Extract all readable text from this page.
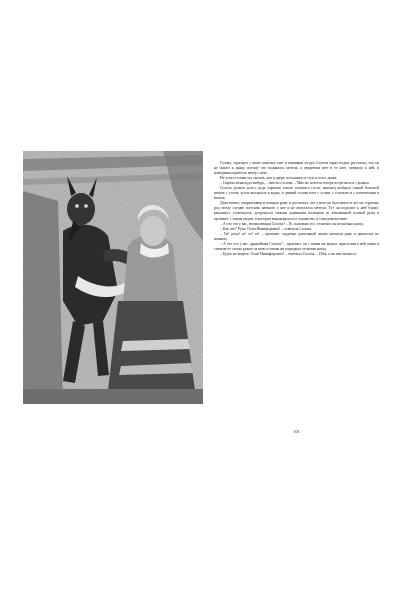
Голова, стряхнув с своих капелюх снег и выпивши из рук Солохи чарку водки, рассказал, что он не пошел к дьяку, потому что поднялась метель; а увидевши свет в ее хате, завернул к ней, в намерении провесть вечер с нею.

Не успел голова это сказать, как в дверь послышался стук и голос дьяка.

– Спрячь меня куда-нибудь, – шептал голова. – Мне не хочется теперь встретиться с дьяком.

Солоха думала долго, куда спрятать такого плотного гостя; наконец выбрала самый большой мешок с углем; уголь высыпала в кадку, и дюжий голова влез с усами, с головою и с капелюхами в мешок.

Дьяк вошел, покряхтывая и потирая руки, и рассказал, что у него не был никто и что он сердечно рад этому случаю погулять немного у нее и не испугался метели. Тут он подошел к ней ближе, кашлянул, усмехнулся, дотронулся своими длинными пальцами ее обнаженной полной руки и произнес с таким видом, в котором выказывалось и лукавство, и самодовольствие:

– А что это у вас, великолепная Солоха? – И, сказавши это, отскочил он несколько назад.

– Как что? Рука, Осип Никифорович! – отвечала Солоха.

– Гм! рука! хе! хе! хе! – произнес сердечно довольный своим началом дьяк и прошелся по комнате.

– А это что у вас, дражайшая Солоха? – произнес он с таким же видом, приступив к ней снова и схватив ее слегка рукою за шею и таким же порядком отскочив назад.

– Будто не видите, Осип Никифорович! – отвечала Солоха. – Шея, а на шее монисто.

101
